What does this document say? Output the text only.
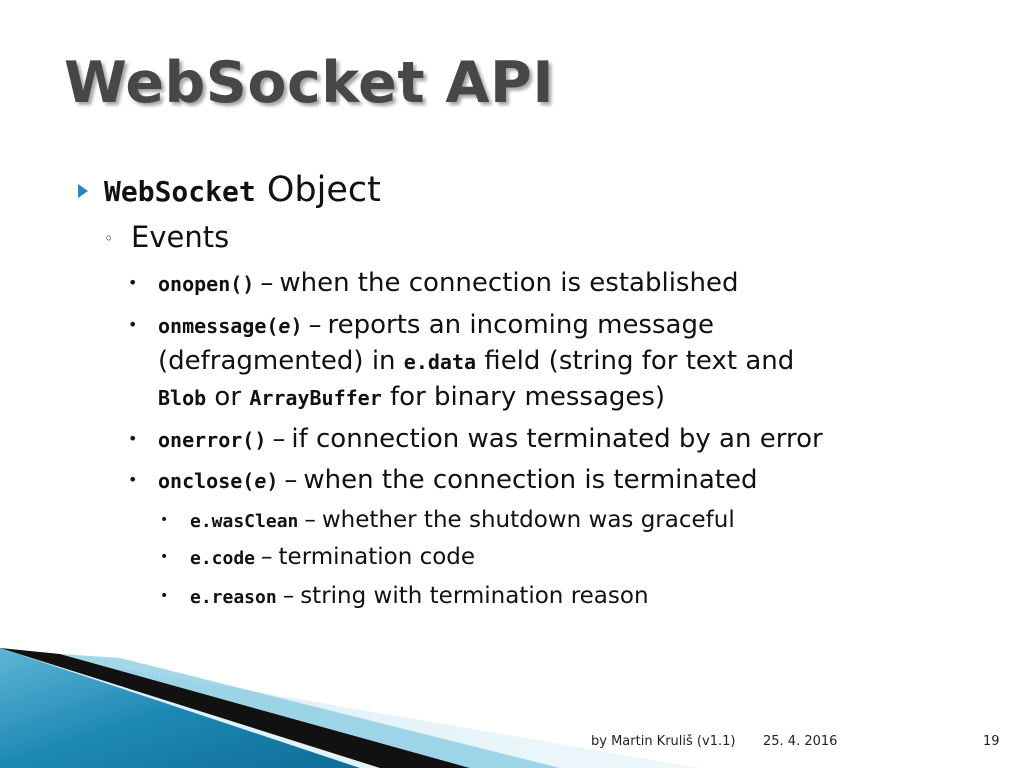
WebSocket API
WebSocket Object
◦ Events
• onopen() – when the connection is established
• onmessage(e) – reports an incoming message
(defragmented) in e.data field (string for text and
Blob or ArrayBuffer for binary messages)
• onerror() – if connection was terminated by an error
• onclose(e) – when the connection is terminated
• e.wasClean – whether the shutdown was graceful
• e.code – termination code
• e.reason – string with termination reason
by Martin Kruliš (v1.1) 25. 4. 2016	19
